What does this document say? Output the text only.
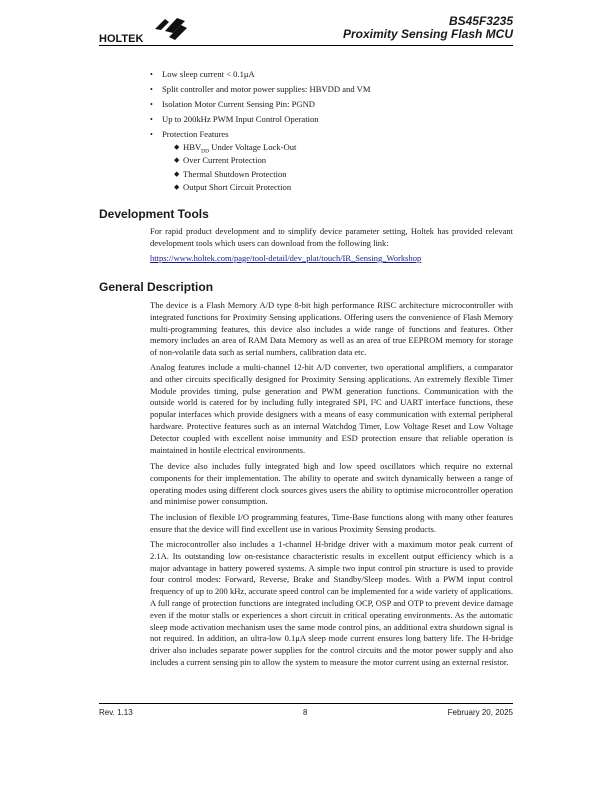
HOLTEK
BS45F3235
Proximity Sensing Flash MCU
• Low sleep current < 0.1μA
• Split controller and motor power supplies: HBVDD and VM
• Isolation Motor Current Sensing Pin: PGND
• Up to 200kHz PWM Input Control Operation
• Protection Features
◆ $HBV_{DD}$ Under Voltage Lock-Out
◆ Over Current Protection
◆ Thermal Shutdown Protection
◆ Output Short Circuit Protection
Development Tools

For rapid product development and to simplify device parameter setting, Holtek has provided relevant development tools which users can download from the following link:

https://www.holtek.com/page/tool-detail/dev_plat/touch/IR_Sensing_Workshop

General Description

The device is a Flash Memory A/D type 8-bit high performance RISC architecture microcontroller with integrated functions for Proximity Sensing applications. Offering users the convenience of Flash Memory multi-programming features, this device also includes a wide range of functions and features. Other memory includes an area of RAM Data Memory as well as an area of true EEPROM memory for storage of non-volatile data such as serial numbers, calibration data etc.

Analog features include a multi-channel 12-bit A/D converter, two operational amplifiers, a comparator and other circuits specifically designed for Proximity Sensing applications. An extremely flexible Timer Module provides timing, pulse generation and PWM generation functions. Communication with the outside world is catered for by including fully integrated SPI, I²C and UART interface functions, these popular interfaces which provide designers with a means of easy communication with external peripheral hardware. Protective features such as an internal Watchdog Timer, Low Voltage Reset and Low Voltage Detector coupled with excellent noise immunity and ESD protection ensure that reliable operation is maintained in hostile electrical environments.

The device also includes fully integrated high and low speed oscillators which require no external components for their implementation. The ability to operate and switch dynamically between a range of operating modes using different clock sources gives users the ability to optimise microcontroller operation and minimise power consumption.

The inclusion of flexible I/O programming features, Time-Base functions along with many other features ensure that the device will find excellent use in various Proximity Sensing products.

The microcontroller also includes a 1-channel H-bridge driver with a maximum motor peak current of 2.1A. Its outstanding low on-resistance characteristic results in excellent output efficiency which is a major advantage in battery powered systems. A simple two input control pin structure is used to provide four control modes: Forward, Reverse, Brake and Standby/Sleep modes. With a PWM input control frequency of up to 200 kHz, accurate speed control can be implemented for a wide variety of applications. A full range of protection functions are integrated including OCP, OSP and OTP to prevent device damage even if the motor stalls or experiences a short circuit in critical operating environments. As the automatic sleep mode activation mechanism uses the same mode control pins, an additional extra shutdown signal is not required. In addition, an ultra-low 0.1μA sleep mode current ensures long battery life. The H-bridge driver also includes separate power supplies for the control circuits and the motor power supply and also includes a current sensing pin to allow the system to measure the motor current using an external resistor.

Rev. 1.13	8	February 20, 2025
